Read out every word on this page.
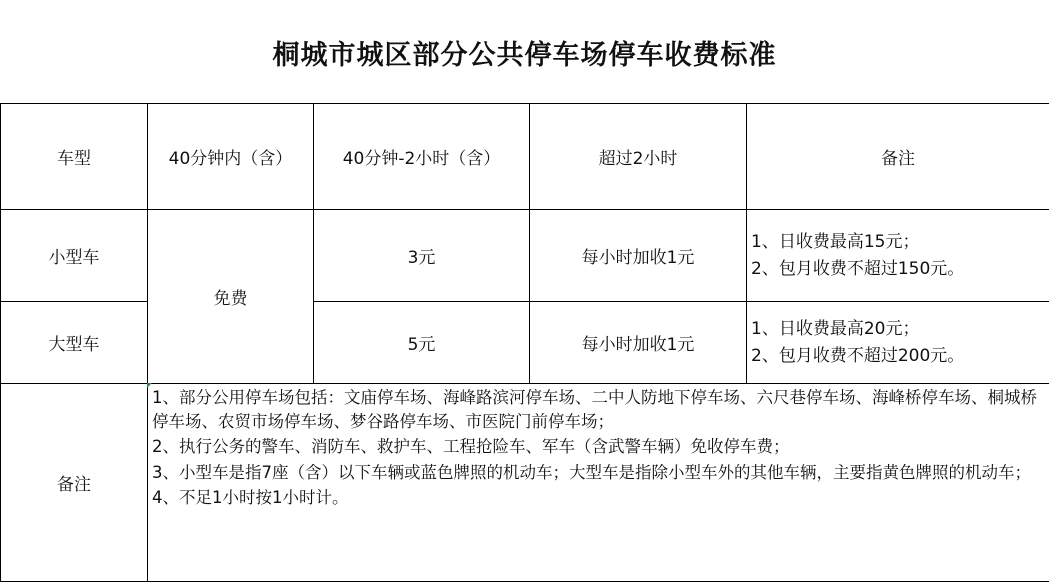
桐城市城区部分公共停车场停车收费标准
车型	40分钟内（含）	40分钟-2小时（含）	超过2小时	备注
小型车	免费	3元	每小时加收1元	1、日收费最高15元；
2、包月收费不超过150元。

大型车		5元	每小时加收1元	1、日收费最高20元；
2、包月收费不超过200元。

备注	1、部分公用停车场包括：文庙停车场、海峰路滨河停车场、二中人防地下停车场、六尺巷停车场、海峰桥停车场、桐城桥停车场、农贸市场停车场、梦谷路停车场、市医院门前停车场；
2、执行公务的警车、消防车、救护车、工程抢险车、军车（含武警车辆）免收停车费；
3、小型车是指7座（含）以下车辆或蓝色牌照的机动车；大型车是指除小型车外的其他车辆，主要指黄色牌照的机动车；
4、不足1小时按1小时计。			
